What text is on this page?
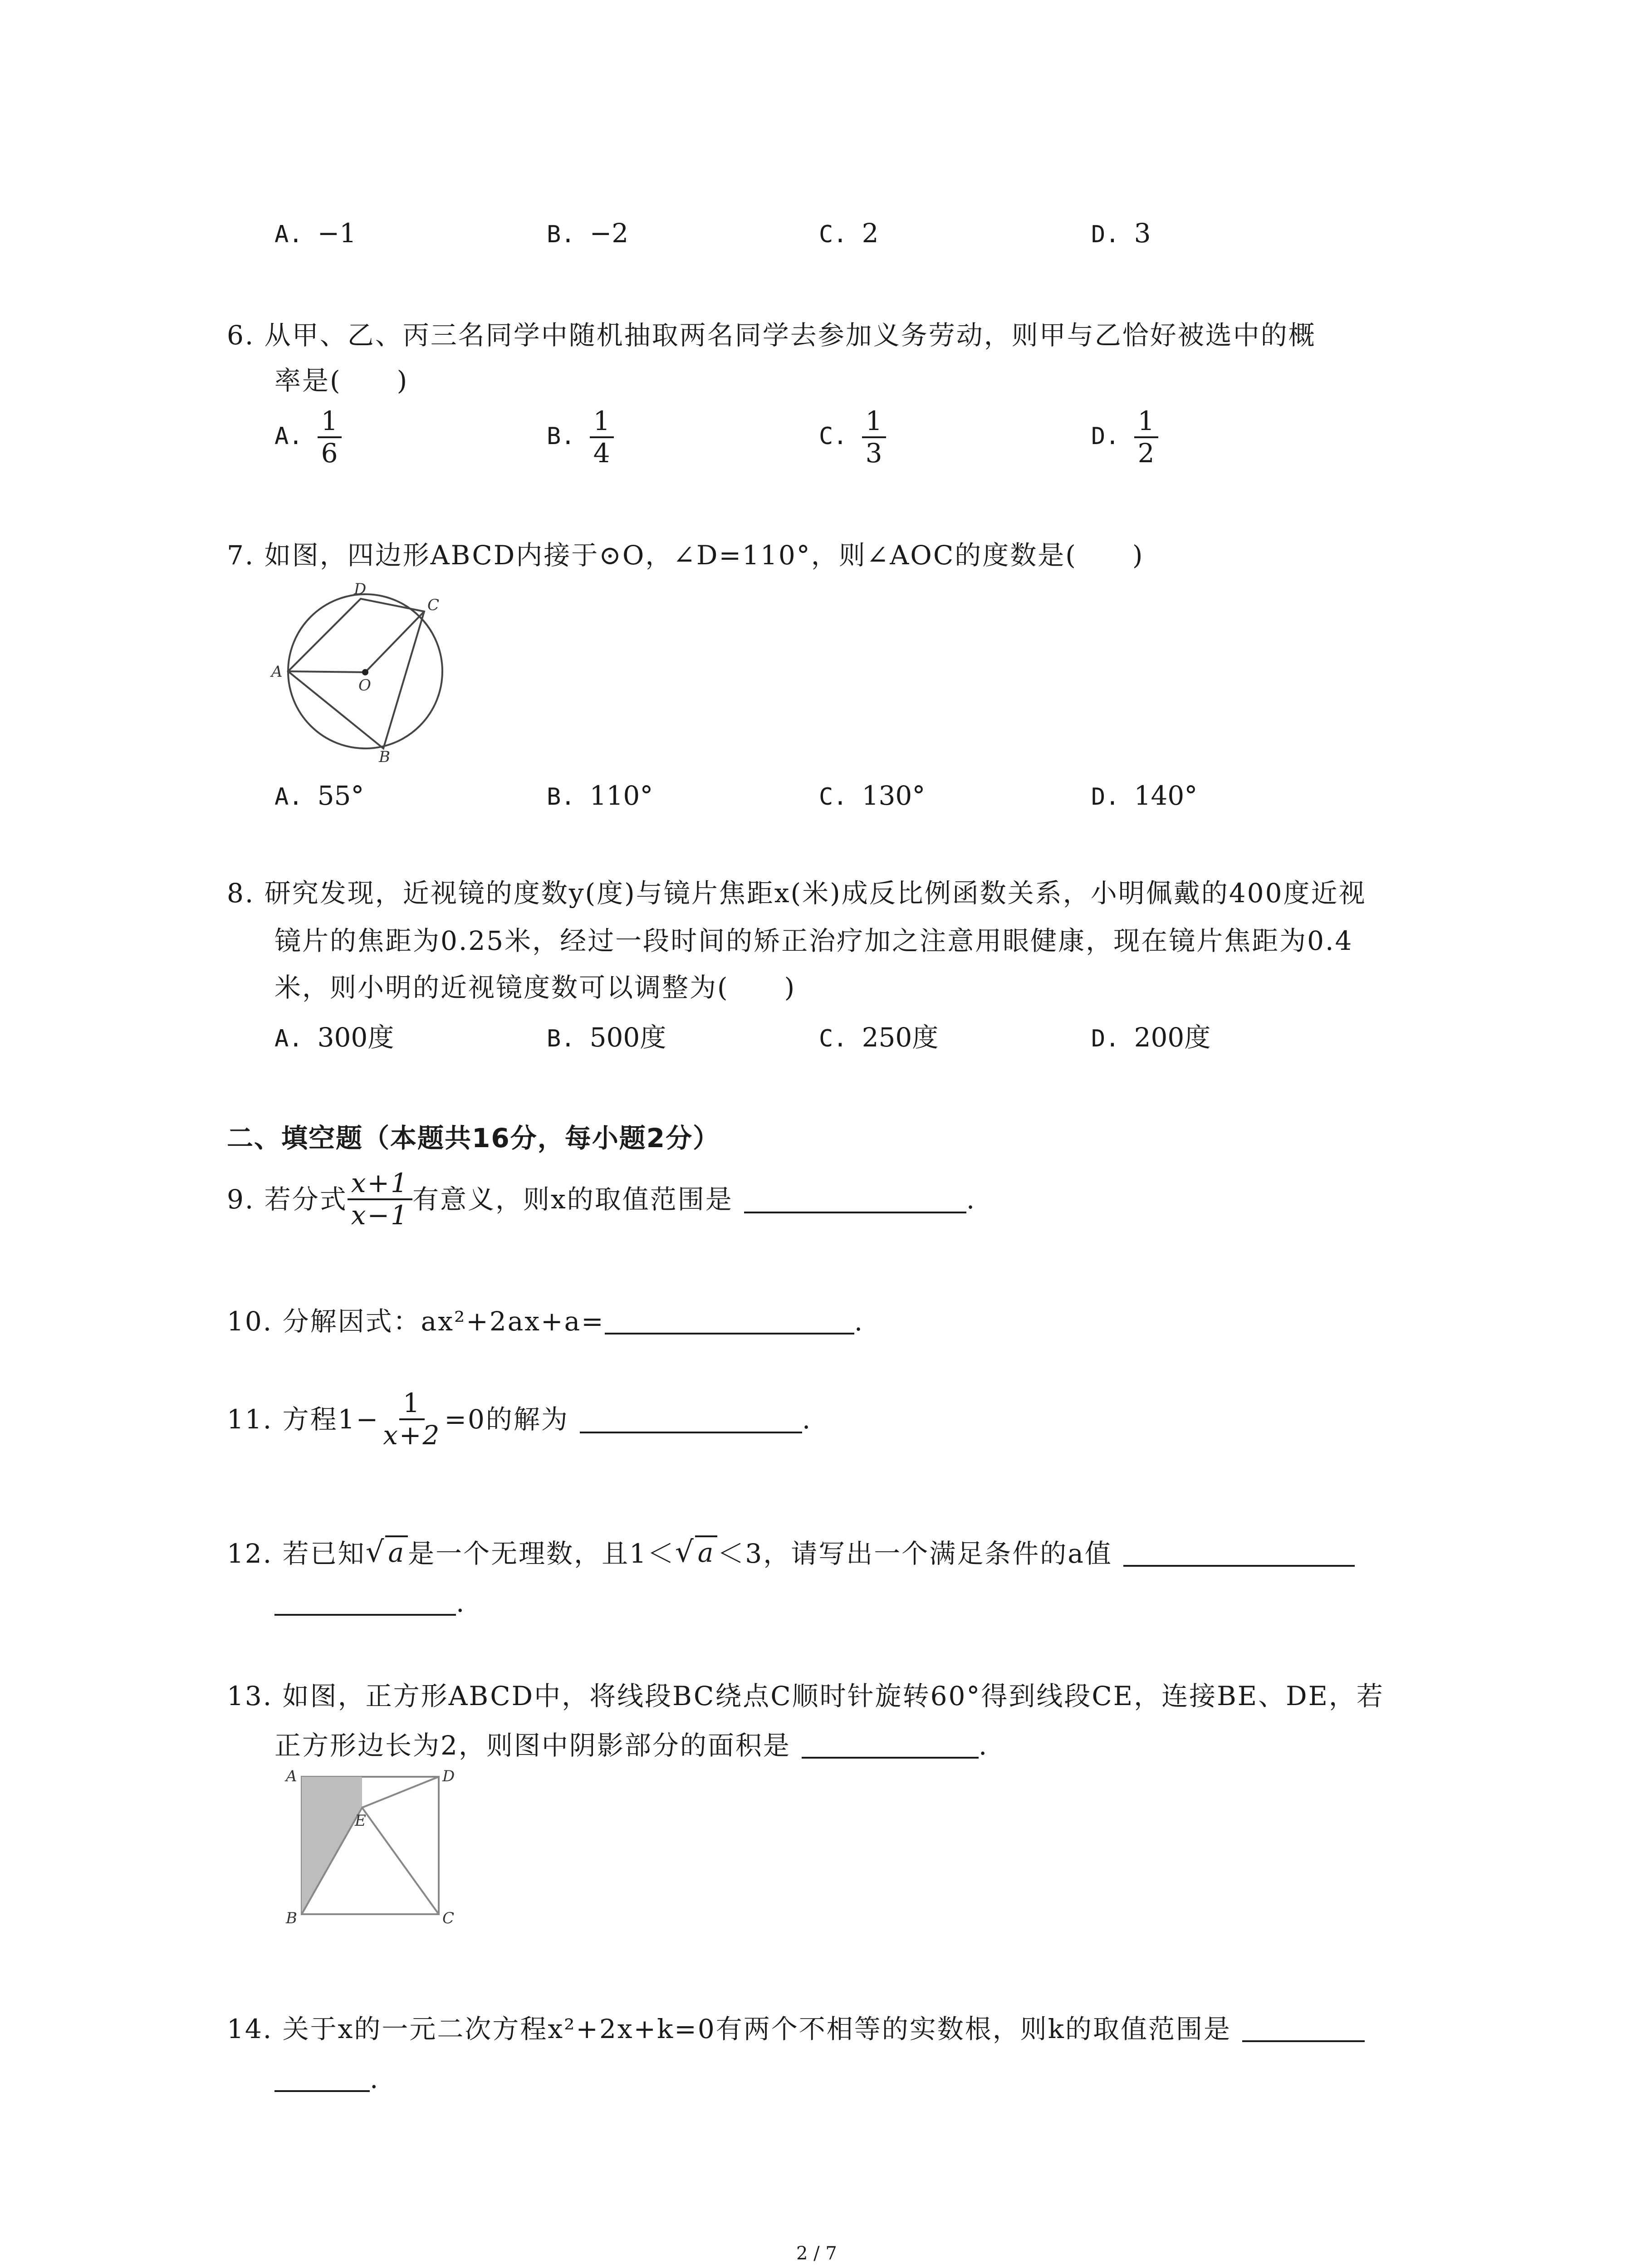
A. −1	B. −2	C. 2	D. 3
6. 从甲、乙、丙三名同学中随机抽取两名同学去参加义务劳动，则甲与乙恰好被选中的概
率是(　　)
A. $\frac{1}{6}$	B. $\frac{1}{4}$	C. $\frac{1}{3}$	D. $\frac{1}{2}$
7. 如图，四边形ABCD内接于⊙O，∠D=110°，则∠AOC的度数是(　　)
A
D
C
B
O
A. 55°	B. 110°	C. 130°	D. 140°
8. 研究发现，近视镜的度数y(度)与镜片焦距x(米)成反比例函数关系，小明佩戴的400度近视
镜片的焦距为0.25米，经过一段时间的矫正治疗加之注意用眼健康，现在镜片焦距为0.4
米，则小明的近视镜度数可以调整为(　　)
A. 300度	B. 500度	C. 250度	D. 200度
二、填空题（本题共16分，每小题2分）
9. 若分式 $\frac{x+1}{x-1}$ 有意义，则x的取值范围是	.
10. 分解因式：ax²+2ax+a=	.
11. 方程$1- \frac{1}{x+2} =0$的解为	.
12. 若已知 √ a 是一个无理数，且1＜ √ a ＜3，请写出一个满足条件的a值
.
13. 如图，正方形ABCD中，将线段BC绕点C顺时针旋转60°得到线段CE，连接BE、DE，若
正方形边长为2，则图中阴影部分的面积是	.
A	D
E
B	C
14. 关于x的一元二次方程x²+2x+k=0有两个不相等的实数根，则k的取值范围是
.
2 / 7
